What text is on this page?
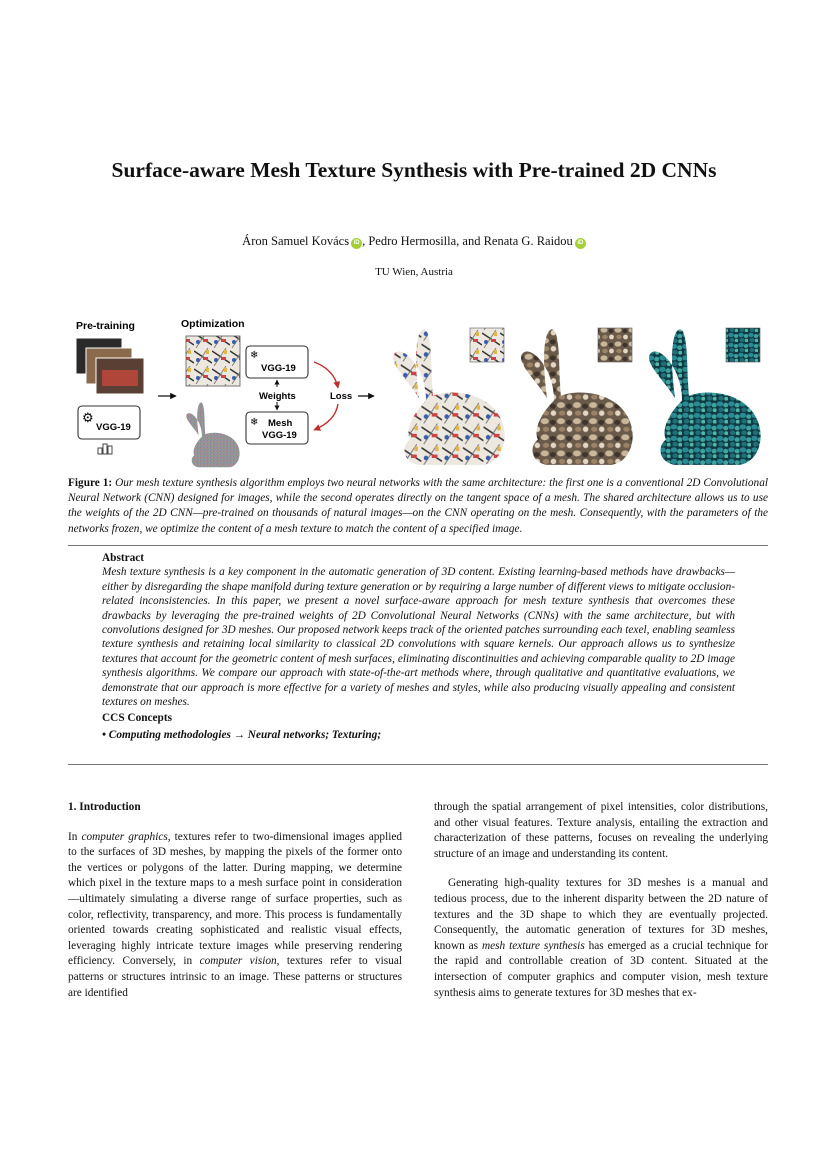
Surface-aware Mesh Texture Synthesis with Pre-trained 2D CNNs
Áron Samuel Kovács iD , Pedro Hermosilla, and Renata G. Raidou iD
TU Wien, Austria
Pre-training	Optimization
⚙
VGG-19
❄
VGG-19
Weights
❄ Mesh
VGG-19
Loss
Figure 1: Our mesh texture synthesis algorithm employs two neural networks with the same architecture: the first one is a conventional 2D Convolutional Neural Network (CNN) designed for images, while the second operates directly on the tangent space of a mesh. The shared architecture allows us to use the weights of the 2D CNN—pre-trained on thousands of natural images—on the CNN operating on the mesh. Consequently, with the parameters of the networks frozen, we optimize the content of a mesh texture to match the content of a specified image.
Abstract
Mesh texture synthesis is a key component in the automatic generation of 3D content. Existing learning-based methods have drawbacks—either by disregarding the shape manifold during texture generation or by requiring a large number of different views to mitigate occlusion-related inconsistencies. In this paper, we present a novel surface-aware approach for mesh texture synthesis that overcomes these drawbacks by leveraging the pre-trained weights of 2D Convolutional Neural Networks (CNNs) with the same architecture, but with convolutions designed for 3D meshes. Our proposed network keeps track of the oriented patches surrounding each texel, enabling seamless texture synthesis and retaining local similarity to classical 2D convolutions with square kernels. Our approach allows us to synthesize textures that account for the geometric content of mesh surfaces, eliminating discontinuities and achieving comparable quality to 2D image synthesis algorithms. We compare our approach with state-of-the-art methods where, through qualitative and quantitative evaluations, we demonstrate that our approach is more effective for a variety of meshes and styles, while also producing visually appealing and consistent textures on meshes.
CCS Concepts
• Computing methodologies → Neural networks; Texturing;
1. Introduction
In computer graphics, textures refer to two-dimensional images applied to the surfaces of 3D meshes, by mapping the pixels of the former onto the vertices or polygons of the latter. During mapping, we determine which pixel in the texture maps to a mesh surface point in consideration—ultimately simulating a diverse range of surface properties, such as color, reflectivity, transparency, and more. This process is fundamentally oriented towards creating sophisticated and realistic visual effects, leveraging highly intricate texture images while preserving rendering efficiency. Conversely, in computer vision, textures refer to visual patterns or structures intrinsic to an image. These patterns or structures are identified
through the spatial arrangement of pixel intensities, color distributions, and other visual features. Texture analysis, entailing the extraction and characterization of these patterns, focuses on revealing the underlying structure of an image and understanding its content.
Generating high-quality textures for 3D meshes is a manual and tedious process, due to the inherent disparity between the 2D nature of textures and the 3D shape to which they are eventually projected. Consequently, the automatic generation of textures for 3D meshes, known as mesh texture synthesis has emerged as a crucial technique for the rapid and controllable creation of 3D content. Situated at the intersection of computer graphics and computer vision, mesh texture synthesis aims to generate textures for 3D meshes that ex-
